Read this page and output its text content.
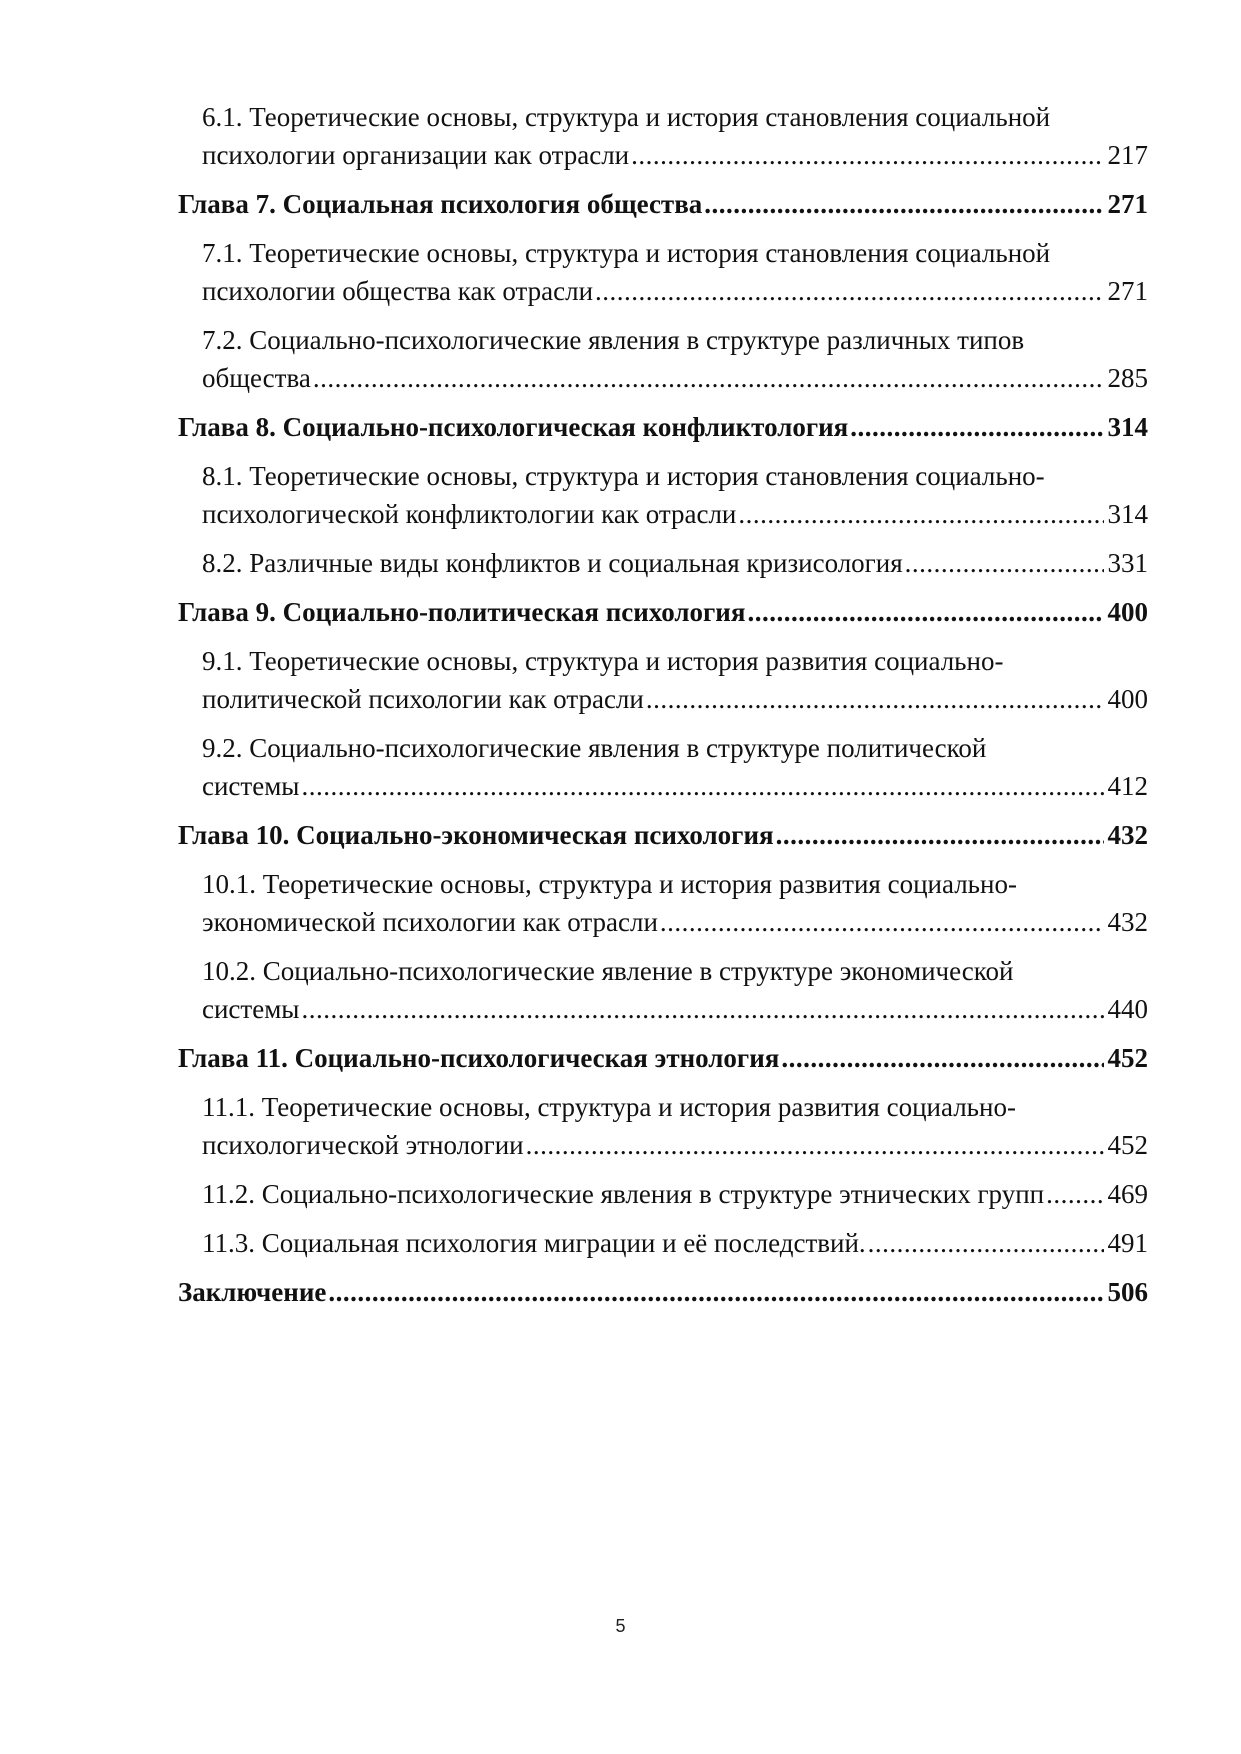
6.1. Теоретические основы, структура и история становления социальной
психологии организации как отрасли .....	217
Глава 7. Социальная психология общества .....	271
7.1. Теоретические основы, структура и история становления социальной
психологии общества как отрасли .....	271
7.2. Социально-психологические явления в структуре различных типов
общества .....	285
Глава 8. Социально-психологическая конфликтология .....	314
8.1. Теоретические основы, структура и история становления социально-
психологической конфликтологии как отрасли .....	314
8.2. Различные виды конфликтов и социальная кризисология .....	331
Глава 9. Социально-политическая психология .....	400
9.1. Теоретические основы, структура и история развития социально-
политической психологии как отрасли .....	400
9.2. Социально-психологические явления в структуре политической
системы .....	412
Глава 10. Социально-экономическая психология .....	432
10.1. Теоретические основы, структура и история развития социально-
экономической психологии как отрасли .....	432
10.2. Социально-психологические явление в структуре экономической
системы .....	440
Глава 11. Социально-психологическая этнология .....	452
11.1. Теоретические основы, структура и история развития социально-
психологической этнологии .....	452
11.2. Социально-психологические явления в структуре этнических групп ..... 469
11.3. Социальная психология миграции и её последствий. .....	491
Заключение .....	506
5
